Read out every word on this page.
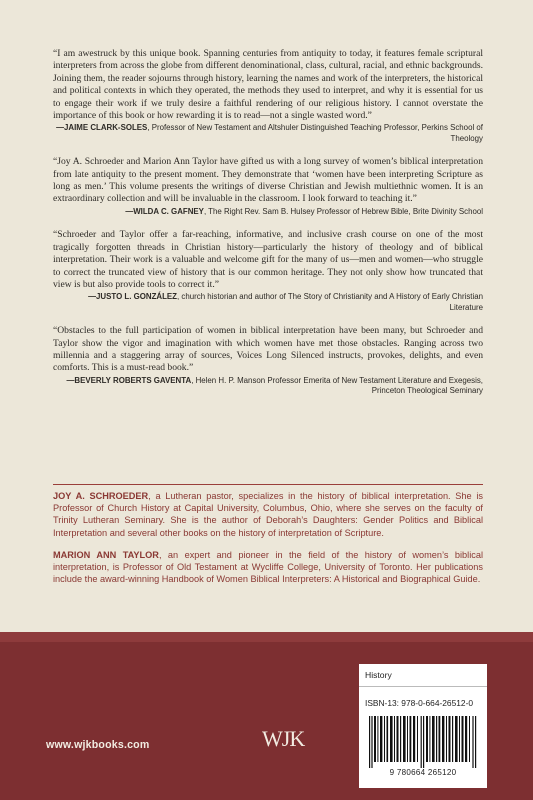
“I am awestruck by this unique book. Spanning centuries from antiquity to today, it features female scriptural interpreters from across the globe from different denominational, class, cultural, racial, and ethnic backgrounds. Joining them, the reader sojourns through history, learning the names and work of the interpreters, the historical and political contexts in which they operated, the methods they used to interpret, and why it is essential for us to engage their work if we truly desire a faithful rendering of our religious history. I cannot overstate the importance of this book or how rewarding it is to read—not a single wasted word.”

—JAIME CLARK-SOLES, Professor of New Testament and Altshuler Distinguished Teaching Professor, Perkins School of Theology

“Joy A. Schroeder and Marion Ann Taylor have gifted us with a long survey of women’s biblical interpretation from late antiquity to the present moment. They demonstrate that ‘women have been interpreting Scripture as long as men.’ This volume presents the writings of diverse Christian and Jewish multiethnic women. It is an extraordinary collection and will be invaluable in the classroom. I look forward to teaching it.”

—WILDA C. GAFNEY, The Right Rev. Sam B. Hulsey Professor of Hebrew Bible, Brite Divinity School

“Schroeder and Taylor offer a far-reaching, informative, and inclusive crash course on one of the most tragically forgotten threads in Christian history—particularly the history of theology and of biblical interpretation. Their work is a valuable and welcome gift for the many of us—men and women—who struggle to correct the truncated view of history that is our common heritage. They not only show how truncated that view is but also provide tools to correct it.”

—JUSTO L. GONZÁLEZ, church historian and author of The Story of Christianity and A History of Early Christian Literature

“Obstacles to the full participation of women in biblical interpretation have been many, but Schroeder and Taylor show the vigor and imagination with which women have met those obstacles. Ranging across two millennia and a staggering array of sources, Voices Long Silenced instructs, provokes, delights, and even comforts. This is a must-read book.”

—BEVERLY ROBERTS GAVENTA, Helen H. P. Manson Professor Emerita of New Testament Literature and Exegesis, Princeton Theological Seminary

JOY A. SCHROEDER, a Lutheran pastor, specializes in the history of biblical interpretation. She is Professor of Church History at Capital University, Columbus, Ohio, where she serves on the faculty of Trinity Lutheran Seminary. She is the author of Deborah’s Daughters: Gender Politics and Biblical Interpretation and several other books on the history of interpretation of Scripture.

MARION ANN TAYLOR, an expert and pioneer in the field of the history of women’s biblical interpretation, is Professor of Old Testament at Wycliffe College, University of Toronto. Her publications include the award-winning Handbook of Women Biblical Interpreters: A Historical and Biographical Guide.

www.wjkbooks.com	WJK
History
ISBN-13: 978-0-664-26512-0
9 780664 265120
